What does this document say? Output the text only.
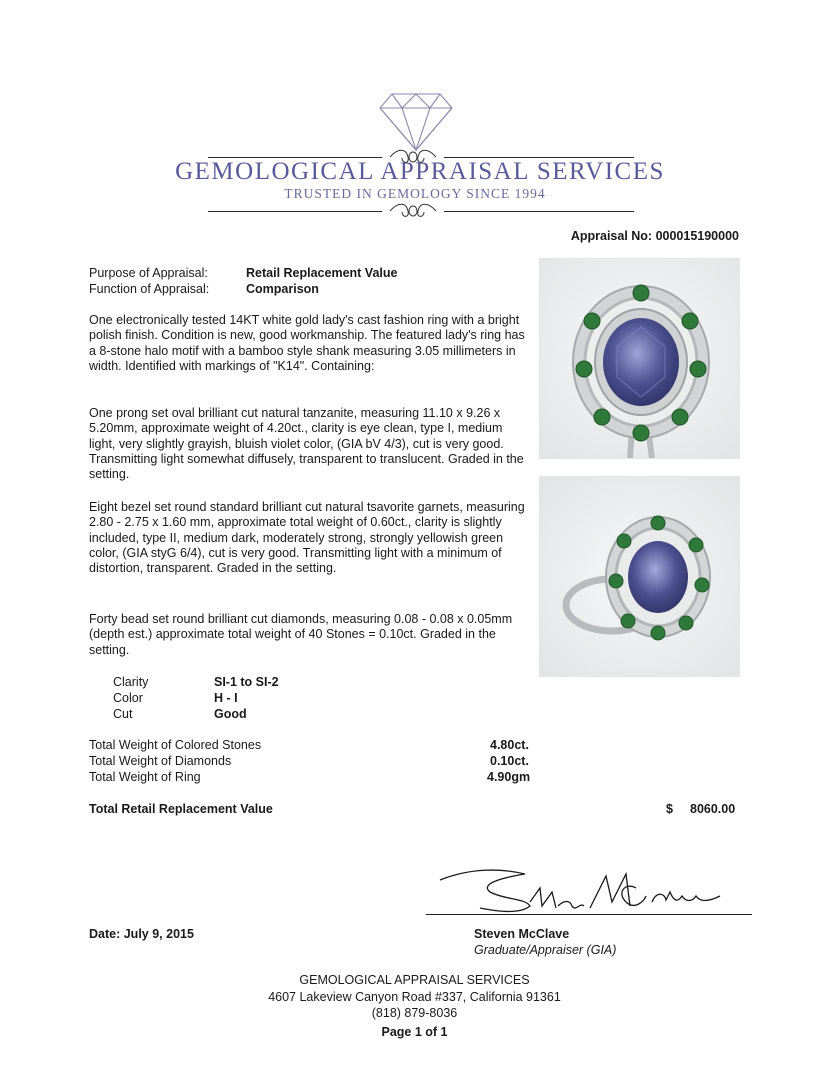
GEMOLOGICAL APPRAISAL SERVICES
TRUSTED IN GEMOLOGY SINCE 1994
Appraisal No: 000015190000
Purpose of Appraisal:	Retail Replacement Value
Function of Appraisal:	Comparison
One electronically tested 14KT white gold lady's cast fashion ring with a bright polish finish. Condition is new, good workmanship. The featured lady's ring has a 8-stone halo motif with a bamboo style shank measuring 3.05 millimeters in width. Identified with markings of "K14". Containing:
One prong set oval brilliant cut natural tanzanite, measuring 11.10 x 9.26 x 5.20mm, approximate weight of 4.20ct., clarity is eye clean, type I, medium light, very slightly grayish, bluish violet color, (GIA bV 4/3), cut is very good. Transmitting light somewhat diffusely, transparent to translucent. Graded in the setting.
Eight bezel set round standard brilliant cut natural tsavorite garnets, measuring 2.80 - 2.75 x 1.60 mm, approximate total weight of 0.60ct., clarity is slightly included, type II, medium dark, moderately strong, strongly yellowish green color, (GIA styG 6/4), cut is very good. Transmitting light with a minimum of distortion, transparent. Graded in the setting.
Forty bead set round brilliant cut diamonds, measuring 0.08 - 0.08 x 0.05mm (depth est.) approximate total weight of 40 Stones = 0.10ct. Graded in the setting.
Clarity	SI-1 to SI-2
Color	H - I
Cut	Good
Total Weight of Colored Stones	4.80ct.
Total Weight of Diamonds	0.10ct.
Total Weight of Ring	4.90gm
Total Retail Replacement Value	$ 8060.00
Date: July 9, 2015	Steven McClave
Graduate/Appraiser (GIA)
GEMOLOGICAL APPRAISAL SERVICES
4607 Lakeview Canyon Road #337, California 91361
(818) 879-8036
Page 1 of 1
